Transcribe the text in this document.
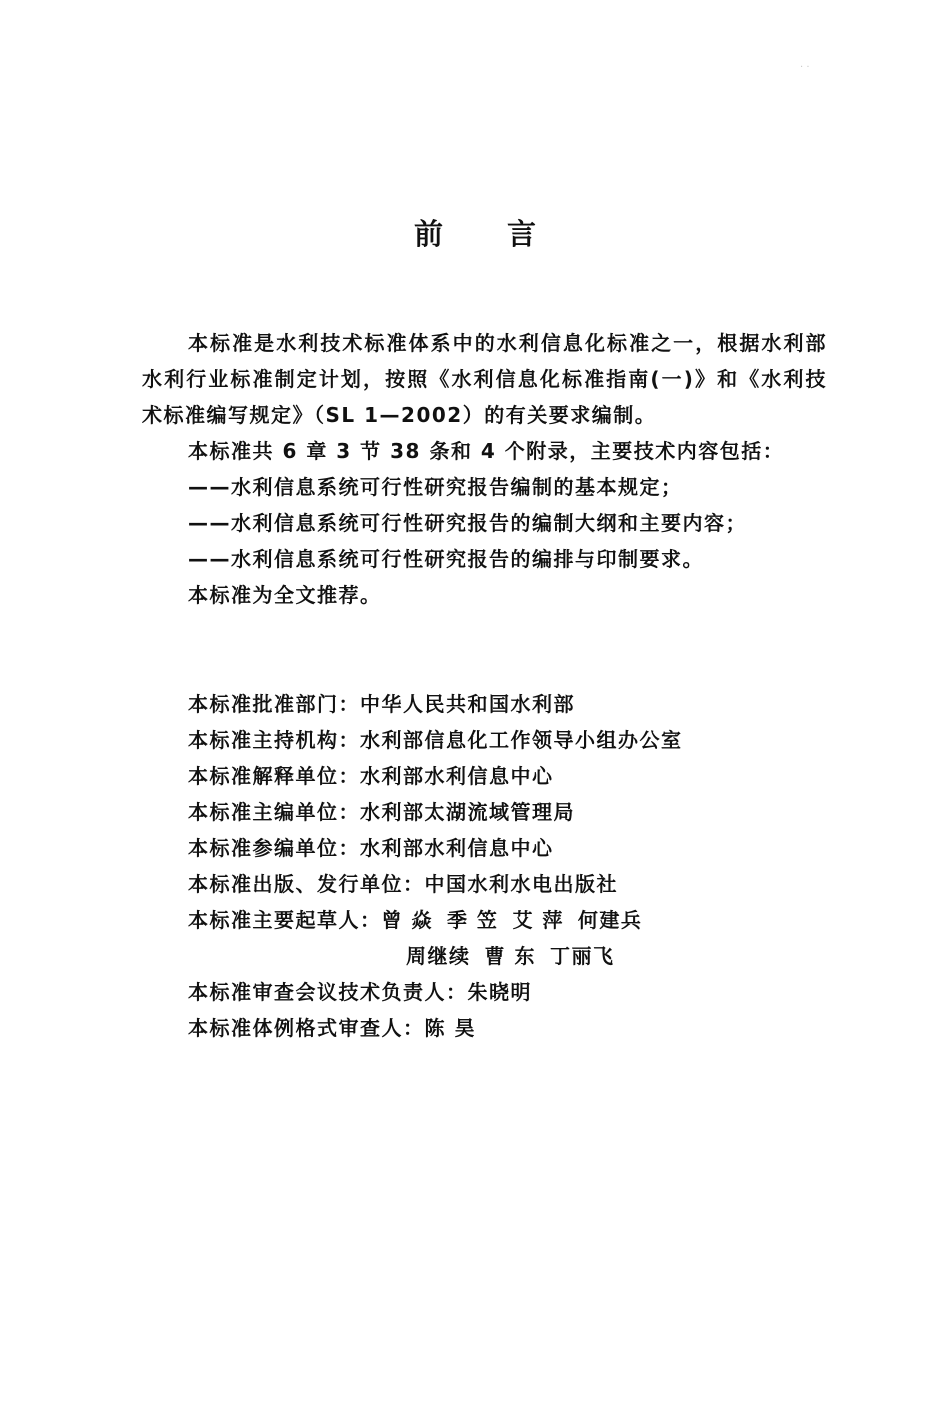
· ·
前言

本标准是水利技术标准体系中的水利信息化标准之一，根据水利部水利行业标准制定计划，按照《水利信息化标准指南(一)》和《水利技术标准编写规定》（SL 1—2002）的有关要求编制。

本标准共 6 章 3 节 38 条和 4 个附录，主要技术内容包括：

——水利信息系统可行性研究报告编制的基本规定；

——水利信息系统可行性研究报告的编制大纲和主要内容；

——水利信息系统可行性研究报告的编排与印制要求。

本标准为全文推荐。

本标准批准部门：中华人民共和国水利部

本标准主持机构：水利部信息化工作领导小组办公室

本标准解释单位：水利部水利信息中心

本标准主编单位：水利部太湖流域管理局

本标准参编单位：水利部水利信息中心

本标准出版、发行单位：中国水利水电出版社

本标准主要起草人：曾 焱 季 笠 艾 萍 何建兵

周继续 曹 东 丁丽飞

本标准审查会议技术负责人：朱晓明

本标准体例格式审查人：陈 昊
